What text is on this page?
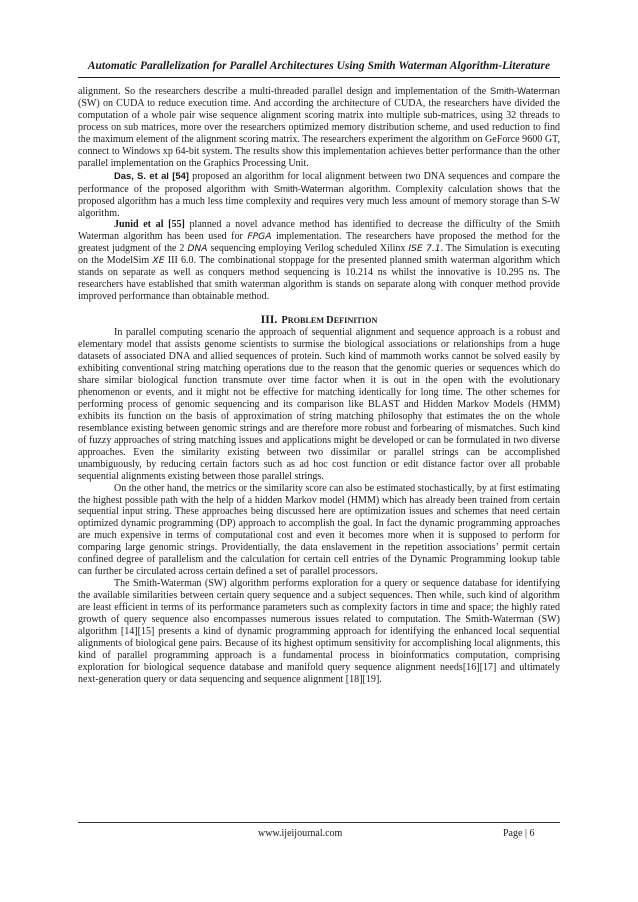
Automatic Parallelization for Parallel Architectures Using Smith Waterman Algorithm-Literature

alignment. So the researchers describe a multi-threaded parallel design and implementation of the Smith-Waterman (SW) on CUDA to reduce execution time. And according the architecture of CUDA, the researchers have divided the computation of a whole pair wise sequence alignment scoring matrix into multiple sub-matrices, using 32 threads to process on sub matrices, more over the researchers optimized memory distribution scheme, and used reduction to find the maximum element of the alignment scoring matrix. The researchers experiment the algorithm on GeForce 9600 GT, connect to Windows xp 64-bit system. The results show this implementation achieves better performance than the other parallel implementation on the Graphics Processing Unit.

Das, S. et al [54] proposed an algorithm for local alignment between two DNA sequences and compare the performance of the proposed algorithm with Smith-Waterman algorithm. Complexity calculation shows that the proposed algorithm has a much less time complexity and requires very much less amount of memory storage than S-W algorithm.

Junid et al [55] planned a novel advance method has identified to decrease the difficulty of the Smith Waterman algorithm has been used for FPGA implementation. The researchers have proposed the method for the greatest judgment of the 2 DNA sequencing employing Verilog scheduled Xilinx ISE 7.1. The Simulation is executing on the ModelSim XE III 6.0. The combinational stoppage for the presented planned smith waterman algorithm which stands on separate as well as conquers method sequencing is 10.214 ns whilst the innovative is 10.295 ns. The researchers have established that smith waterman algorithm is stands on separate along with conquer method provide improved performance than obtainable method.

III. PROBLEM DEFINITION

In parallel computing scenario the approach of sequential alignment and sequence approach is a robust and elementary model that assists genome scientists to surmise the biological associations or relationships from a huge datasets of associated DNA and allied sequences of protein. Such kind of mammoth works cannot be solved easily by exhibiting conventional string matching operations due to the reason that the genomic queries or sequences which do share similar biological function transmute over time factor when it is out in the open with the evolutionary phenomenon or events, and it might not be effective for matching identically for long time. The other schemes for performing process of genomic sequencing and its comparison like BLAST and Hidden Markov Models (HMM) exhibits its function on the basis of approximation of string matching philosophy that estimates the on the whole resemblance existing between genomic strings and are therefore more robust and forbearing of mismatches. Such kind of fuzzy approaches of string matching issues and applications might be developed or can be formulated in two diverse approaches. Even the similarity existing between two dissimilar or parallel strings can be accomplished unambiguously, by reducing certain factors such as ad hoc cost function or edit distance factor over all probable sequential alignments existing between those parallel strings.

On the other hand, the metrics or the similarity score can also be estimated stochastically, by at first estimating the highest possible path with the help of a hidden Markov model (HMM) which has already been trained from certain sequential input string. These approaches being discussed here are optimization issues and schemes that need certain optimized dynamic programming (DP) approach to accomplish the goal. In fact the dynamic programming approaches are much expensive in terms of computational cost and even it becomes more when it is supposed to perform for comparing large genomic strings. Providentially, the data enslavement in the repetition associations’ permit certain confined degree of parallelism and the calculation for certain cell entries of the Dynamic Programming lookup table can further be circulated across certain defined a set of parallel processors.

The Smith-Waterman (SW) algorithm performs exploration for a query or sequence database for identifying the available similarities between certain query sequence and a subject sequences. Then while, such kind of algorithm are least efficient in terms of its performance parameters such as complexity factors in time and space; the highly rated growth of query sequence also encompasses numerous issues related to computation. The Smith-Waterman (SW) algorithm [14][15] presents a kind of dynamic programming approach for identifying the enhanced local sequential alignments of biological gene pairs. Because of its highest optimum sensitivity for accomplishing local alignments, this kind of parallel programming approach is a fundamental process in bioinformatics computation, comprising exploration for biological sequence database and manifold query sequence alignment needs[16][17] and ultimately next-generation query or data sequencing and sequence alignment [18][19].

www.ijeijournal.com	Page | 6
